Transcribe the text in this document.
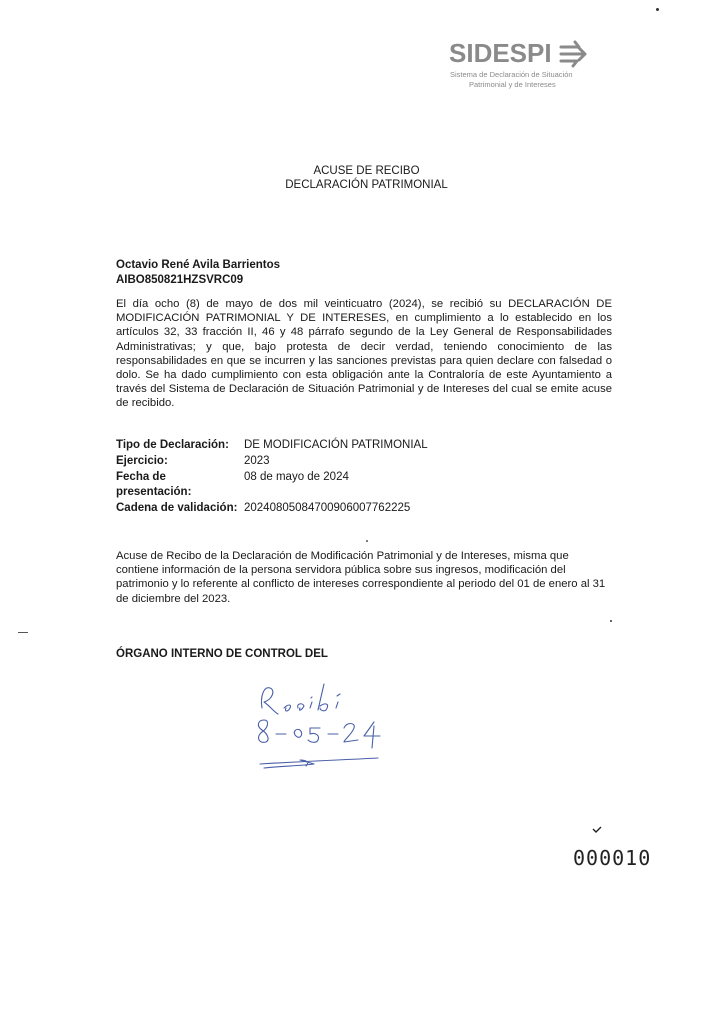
SIDESPI
Sistema de Declaración de Situación
Patrimonial y de Intereses
ACUSE DE RECIBO
DECLARACIÓN PATRIMONIAL
Octavio René Avila Barrientos
AIBO850821HZSVRC09

El día ocho (8) de mayo de dos mil veinticuatro (2024), se recibió su DECLARACIÓN DE MODIFICACIÓN PATRIMONIAL Y DE INTERESES, en cumplimiento a lo establecido en los artículos 32, 33 fracción II, 46 y 48 párrafo segundo de la Ley General de Responsabilidades Administrativas; y que, bajo protesta de decir verdad, teniendo conocimiento de las responsabilidades en que se incurren y las sanciones previstas para quien declare con falsedad o dolo. Se ha dado cumplimiento con esta obligación ante la Contraloría de este Ayuntamiento a través del Sistema de Declaración de Situación Patrimonial y de Intereses del cual se emite acuse de recibido.

Tipo de Declaración:	DE MODIFICACIÓN PATRIMONIAL
Ejercicio:	2023
Fecha de presentación:
08 de mayo de 2024
Cadena de validación: 20240805084700906007762225

Acuse de Recibo de la Declaración de Modificación Patrimonial y de Intereses, misma que contiene información de la persona servidora pública sobre sus ingresos, modificación del patrimonio y lo referente al conflicto de intereses correspondiente al periodo del 01 de enero al 31 de diciembre del 2023.

ÓRGANO INTERNO DE CONTROL DEL
000010
